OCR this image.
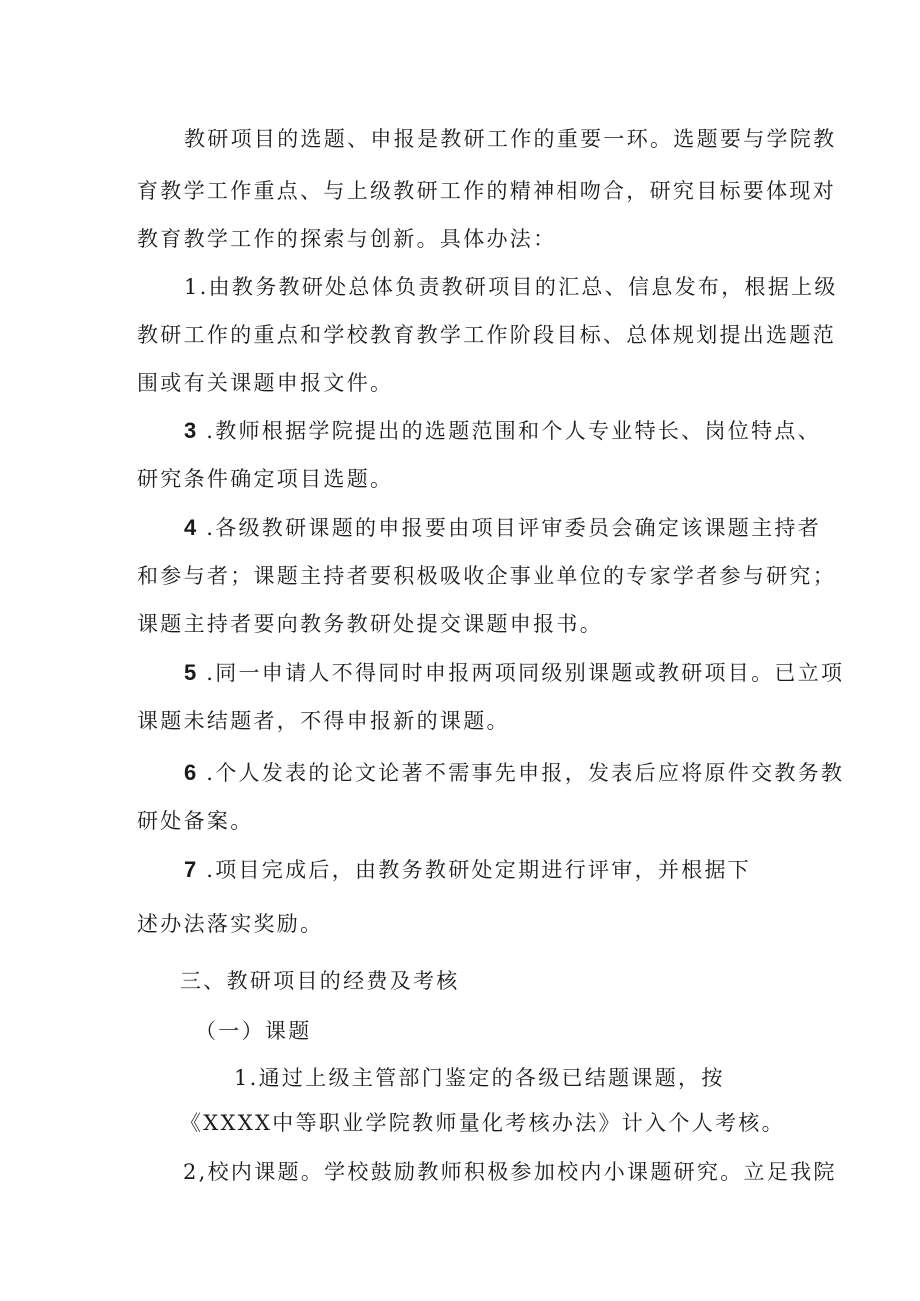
教研项目的选题、申报是教研工作的重要一环。选题要与学院教
育教学工作重点、与上级教研工作的精神相吻合，研究目标要体现对
教育教学工作的探索与创新。具体办法：
1.由教务教研处总体负责教研项目的汇总、信息发布，根据上级
教研工作的重点和学校教育教学工作阶段目标、总体规划提出选题范
围或有关课题申报文件。
3 .教师根据学院提出的选题范围和个人专业特长、岗位特点、
研究条件确定项目选题。
4 .各级教研课题的申报要由项目评审委员会确定该课题主持者
和参与者；课题主持者要积极吸收企事业单位的专家学者参与研究；
课题主持者要向教务教研处提交课题申报书。
5 .同一申请人不得同时申报两项同级别课题或教研项目。已立项
课题未结题者，不得申报新的课题。
6 .个人发表的论文论著不需事先申报，发表后应将原件交教务教
研处备案。
7 .项目完成后，由教务教研处定期进行评审，并根据下
述办法落实奖励。
三、教研项目的经费及考核
（一）课题
1.通过上级主管部门鉴定的各级已结题课题，按
《XXXX中等职业学院教师量化考核办法》计入个人考核。
2,校内课题。学校鼓励教师积极参加校内小课题研究。立足我院
